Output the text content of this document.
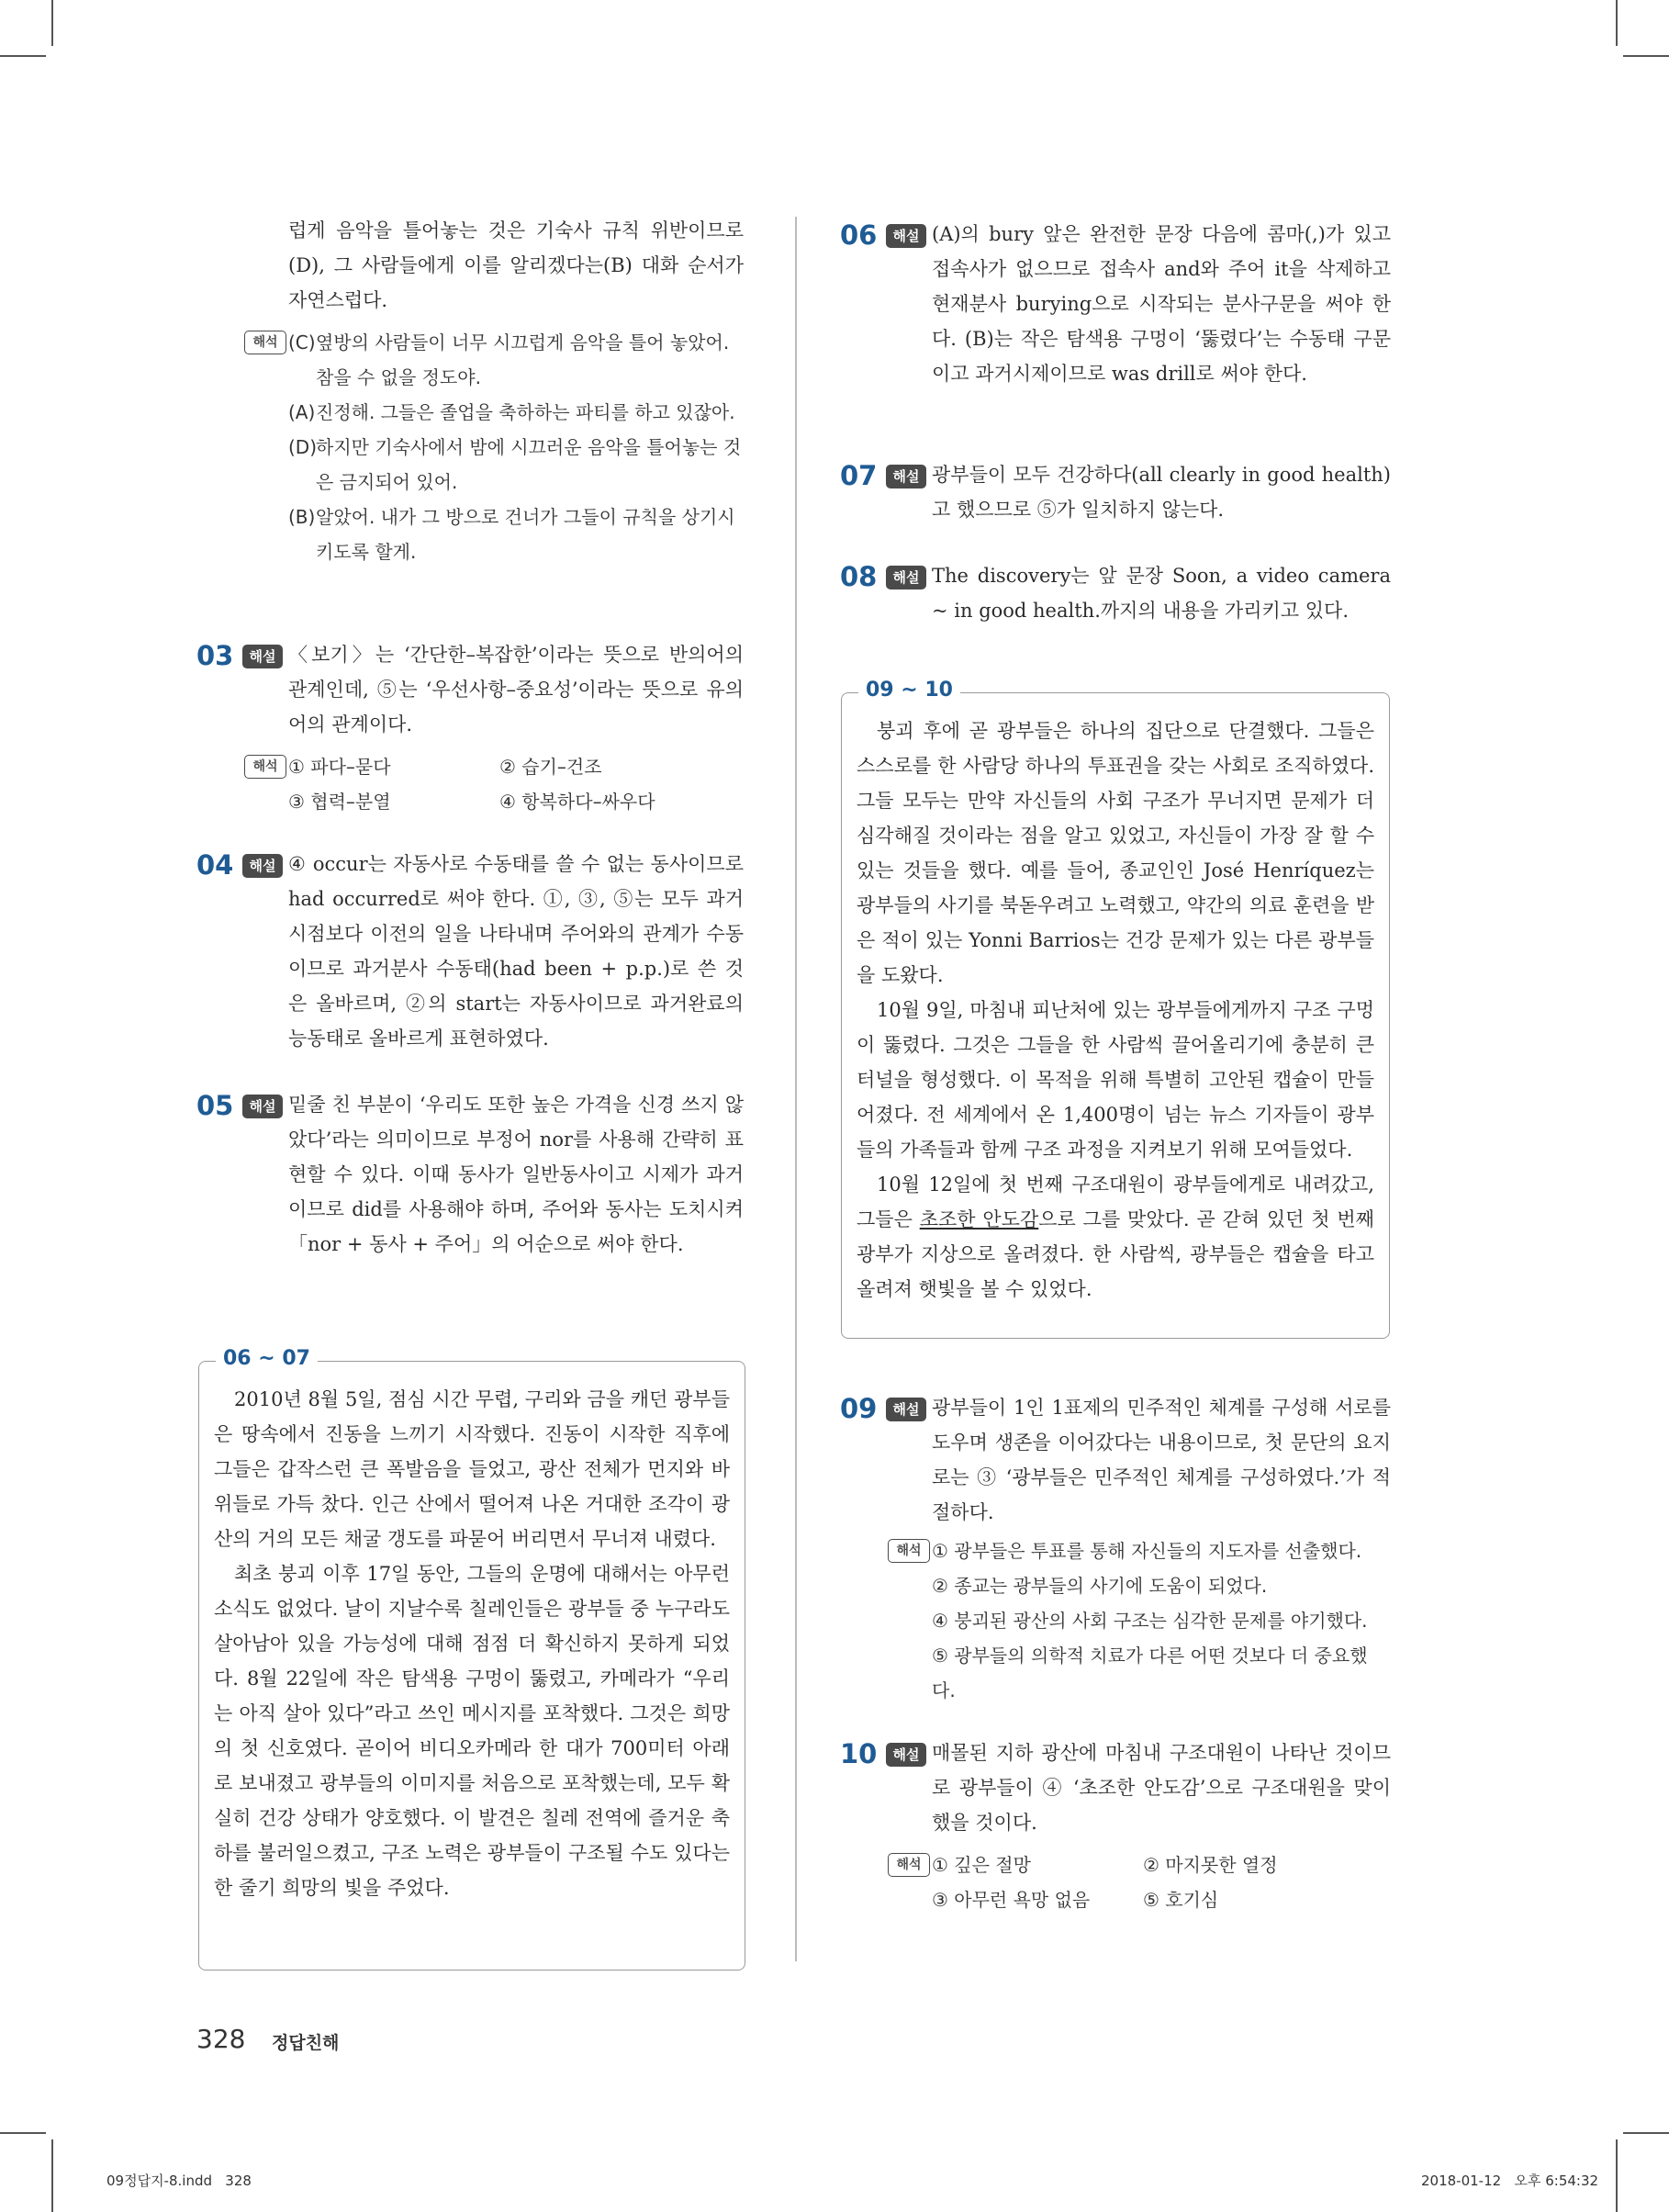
럽게 음악을 틀어놓는 것은 기숙사 규칙 위반이므로(D), 그 사람들에게 이를 알리겠다는(B) 대화 순서가 자연스럽다.
해석 (C) 옆방의 사람들이 너무 시끄럽게 음악을 틀어 놓았어. 참을 수 없을 정도야.
(A) 진정해. 그들은 졸업을 축하하는 파티를 하고 있잖아.
(D)
하지만 기숙사에서 밤에 시끄러운 음악을 틀어놓는 것은 금지되어 있어.
(B) 알았어. 내가 그 방으로 건너가 그들이 규칙을 상기시키도록 할게.
03	해설 〈보기〉는 ‘간단한–복잡한’이라는 뜻으로 반의어의 관계인데, ⑤는 ‘우선사항–중요성’이라는 뜻으로 유의어의 관계이다.
해석 ① 파다–묻다	② 습기–건조
③ 협력–분열	④ 항복하다–싸우다
04	해설 ④ occur는 자동사로 수동태를 쓸 수 없는 동사이므로 had occurred로 써야 한다. ①, ③, ⑤는 모두 과거 시점보다 이전의 일을 나타내며 주어와의 관계가 수동이므로 과거분사 수동태(had been + p.p.)로 쓴 것은 올바르며, ②의 start는 자동사이므로 과거완료의 능동태로 올바르게 표현하였다.
05	해설 밑줄 친 부분이 ‘우리도 또한 높은 가격을 신경 쓰지 않았다’라는 의미이므로 부정어 nor를 사용해 간략히 표현할 수 있다. 이때 동사가 일반동사이고 시제가 과거이므로 did를 사용해야 하며, 주어와 동사는 도치시켜 「nor + 동사 + 주어」의 어순으로 써야 한다.
06 ~ 07

2010년 8월 5일, 점심 시간 무렵, 구리와 금을 캐던 광부들은 땅속에서 진동을 느끼기 시작했다. 진동이 시작한 직후에 그들은 갑작스런 큰 폭발음을 들었고, 광산 전체가 먼지와 바위들로 가득 찼다. 인근 산에서 떨어져 나온 거대한 조각이 광산의 거의 모든 채굴 갱도를 파묻어 버리면서 무너져 내렸다.

최초 붕괴 이후 17일 동안, 그들의 운명에 대해서는 아무런 소식도 없었다. 날이 지날수록 칠레인들은 광부들 중 누구라도 살아남아 있을 가능성에 대해 점점 더 확신하지 못하게 되었다. 8월 22일에 작은 탐색용 구멍이 뚫렸고, 카메라가 “우리는 아직 살아 있다”라고 쓰인 메시지를 포착했다. 그것은 희망의 첫 신호였다. 곧이어 비디오카메라 한 대가 700미터 아래로 보내졌고 광부들의 이미지를 처음으로 포착했는데, 모두 확실히 건강 상태가 양호했다. 이 발견은 칠레 전역에 즐거운 축하를 불러일으켰고, 구조 노력은 광부들이 구조될 수도 있다는 한 줄기 희망의 빛을 주었다.

06	해설 (A)의 bury 앞은 완전한 문장 다음에 콤마(,)가 있고 접속사가 없으므로 접속사 and와 주어 it을 삭제하고 현재분사 burying으로 시작되는 분사구문을 써야 한다. (B)는 작은 탐색용 구멍이 ‘뚫렸다’는 수동태 구문이고 과거시제이므로 was drill로 써야 한다.
07	해설 광부들이 모두 건강하다(all clearly in good health)고 했으므로 ⑤가 일치하지 않는다.
08	해설 The discovery는 앞 문장 Soon, a video camera ~ in good health.까지의 내용을 가리키고 있다.
09	해설 광부들이 1인 1표제의 민주적인 체계를 구성해 서로를 도우며 생존을 이어갔다는 내용이므로, 첫 문단의 요지로는 ③ ‘광부들은 민주적인 체계를 구성하였다.’가 적절하다.
해석 ① 광부들은 투표를 통해 자신들의 지도자를 선출했다.
② 종교는 광부들의 사기에 도움이 되었다.
④ 붕괴된 광산의 사회 구조는 심각한 문제를 야기했다.
⑤ 광부들의 의학적 치료가 다른 어떤 것보다 더 중요했다.
10	해설 매몰된 지하 광산에 마침내 구조대원이 나타난 것이므로 광부들이 ④ ‘초조한 안도감’으로 구조대원을 맞이했을 것이다.
해석 ① 깊은 절망	② 마지못한 열정
③ 아무런 욕망 없음	⑤ 호기심
09 ~ 10

붕괴 후에 곧 광부들은 하나의 집단으로 단결했다. 그들은 스스로를 한 사람당 하나의 투표권을 갖는 사회로 조직하였다. 그들 모두는 만약 자신들의 사회 구조가 무너지면 문제가 더 심각해질 것이라는 점을 알고 있었고, 자신들이 가장 잘 할 수 있는 것들을 했다. 예를 들어, 종교인인 José Henríquez는 광부들의 사기를 북돋우려고 노력했고, 약간의 의료 훈련을 받은 적이 있는 Yonni Barrios는 건강 문제가 있는 다른 광부들을 도왔다.

10월 9일, 마침내 피난처에 있는 광부들에게까지 구조 구멍이 뚫렸다. 그것은 그들을 한 사람씩 끌어올리기에 충분히 큰 터널을 형성했다. 이 목적을 위해 특별히 고안된 캡슐이 만들어졌다. 전 세계에서 온 1,400명이 넘는 뉴스 기자들이 광부들의 가족들과 함께 구조 과정을 지켜보기 위해 모여들었다.

10월 12일에 첫 번째 구조대원이 광부들에게로 내려갔고, 그들은 초조한 안도감으로 그를 맞았다. 곧 갇혀 있던 첫 번째 광부가 지상으로 올려졌다. 한 사람씩, 광부들은 캡슐을 타고 올려져 햇빛을 볼 수 있었다.

328 정답친해
09정답지-8.indd   328	2018-01-12   오후 6:54:32
